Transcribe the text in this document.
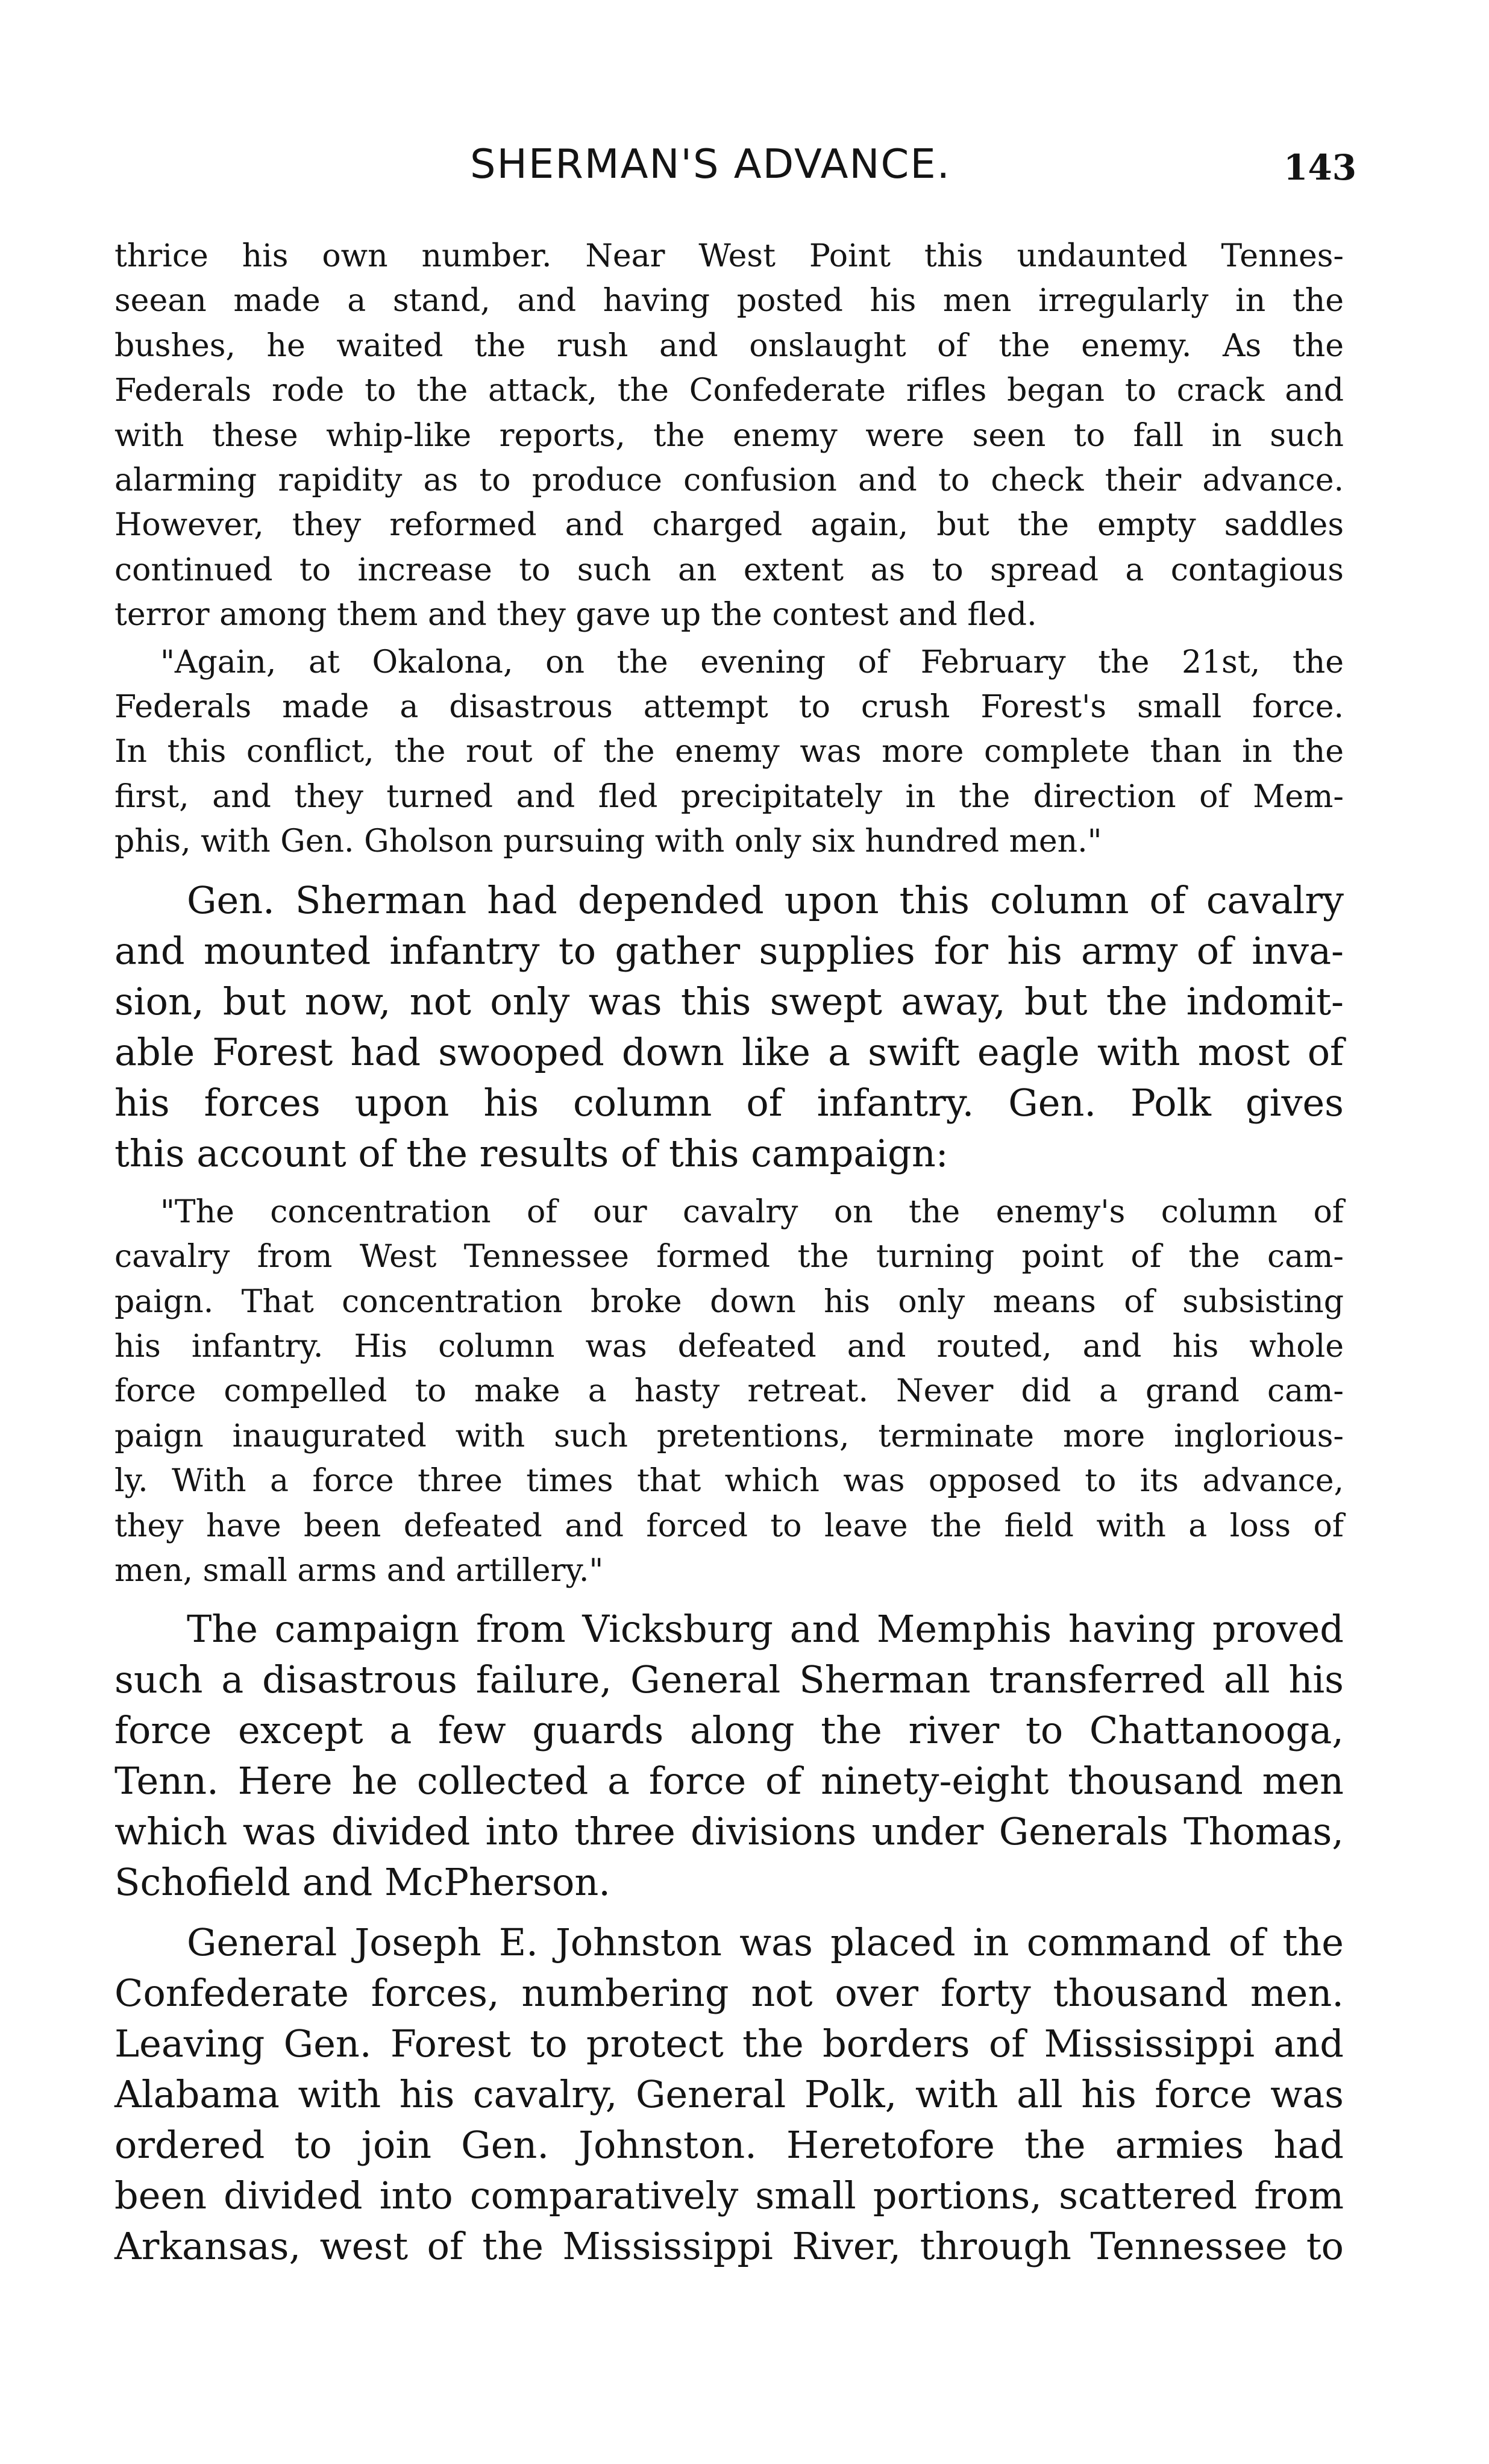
SHERMAN'S ADVANCE.	143
thrice his own number. Near West Point this undaunted Tennes-
seean made a stand, and having posted his men irregularly in the
bushes, he waited the rush and onslaught of the enemy. As the
Federals rode to the attack, the Confederate rifles began to crack and
with these whip-like reports, the enemy were seen to fall in such
alarming rapidity as to produce confusion and to check their advance.
However, they reformed and charged again, but the empty saddles
continued to increase to such an extent as to spread a contagious
terror among them and they gave up the contest and fled.
"Again, at Okalona, on the evening of February the 21st, the
Federals made a disastrous attempt to crush Forest's small force.
In this conflict, the rout of the enemy was more complete than in the
first, and they turned and fled precipitately in the direction of Mem-
phis, with Gen. Gholson pursuing with only six hundred men."
Gen. Sherman had depended upon this column of cavalry
and mounted infantry to gather supplies for his army of inva-
sion, but now, not only was this swept away, but the indomit-
able Forest had swooped down like a swift eagle with most of
his forces upon his column of infantry. Gen. Polk gives
this account of the results of this campaign:
"The concentration of our cavalry on the enemy's column of
cavalry from West Tennessee formed the turning point of the cam-
paign. That concentration broke down his only means of subsisting
his infantry. His column was defeated and routed, and his whole
force compelled to make a hasty retreat. Never did a grand cam-
paign inaugurated with such pretentions, terminate more inglorious-
ly. With a force three times that which was opposed to its advance,
they have been defeated and forced to leave the field with a loss of
men, small arms and artillery."
The campaign from Vicksburg and Memphis having proved
such a disastrous failure, General Sherman transferred all his
force except a few guards along the river to Chattanooga,
Tenn. Here he collected a force of ninety-eight thousand men
which was divided into three divisions under Generals Thomas,
Schofield and McPherson.
General Joseph E. Johnston was placed in command of the
Confederate forces, numbering not over forty thousand men.
Leaving Gen. Forest to protect the borders of Mississippi and
Alabama with his cavalry, General Polk, with all his force was
ordered to join Gen. Johnston. Heretofore the armies had
been divided into comparatively small portions, scattered from
Arkansas, west of the Mississippi River, through Tennessee to
